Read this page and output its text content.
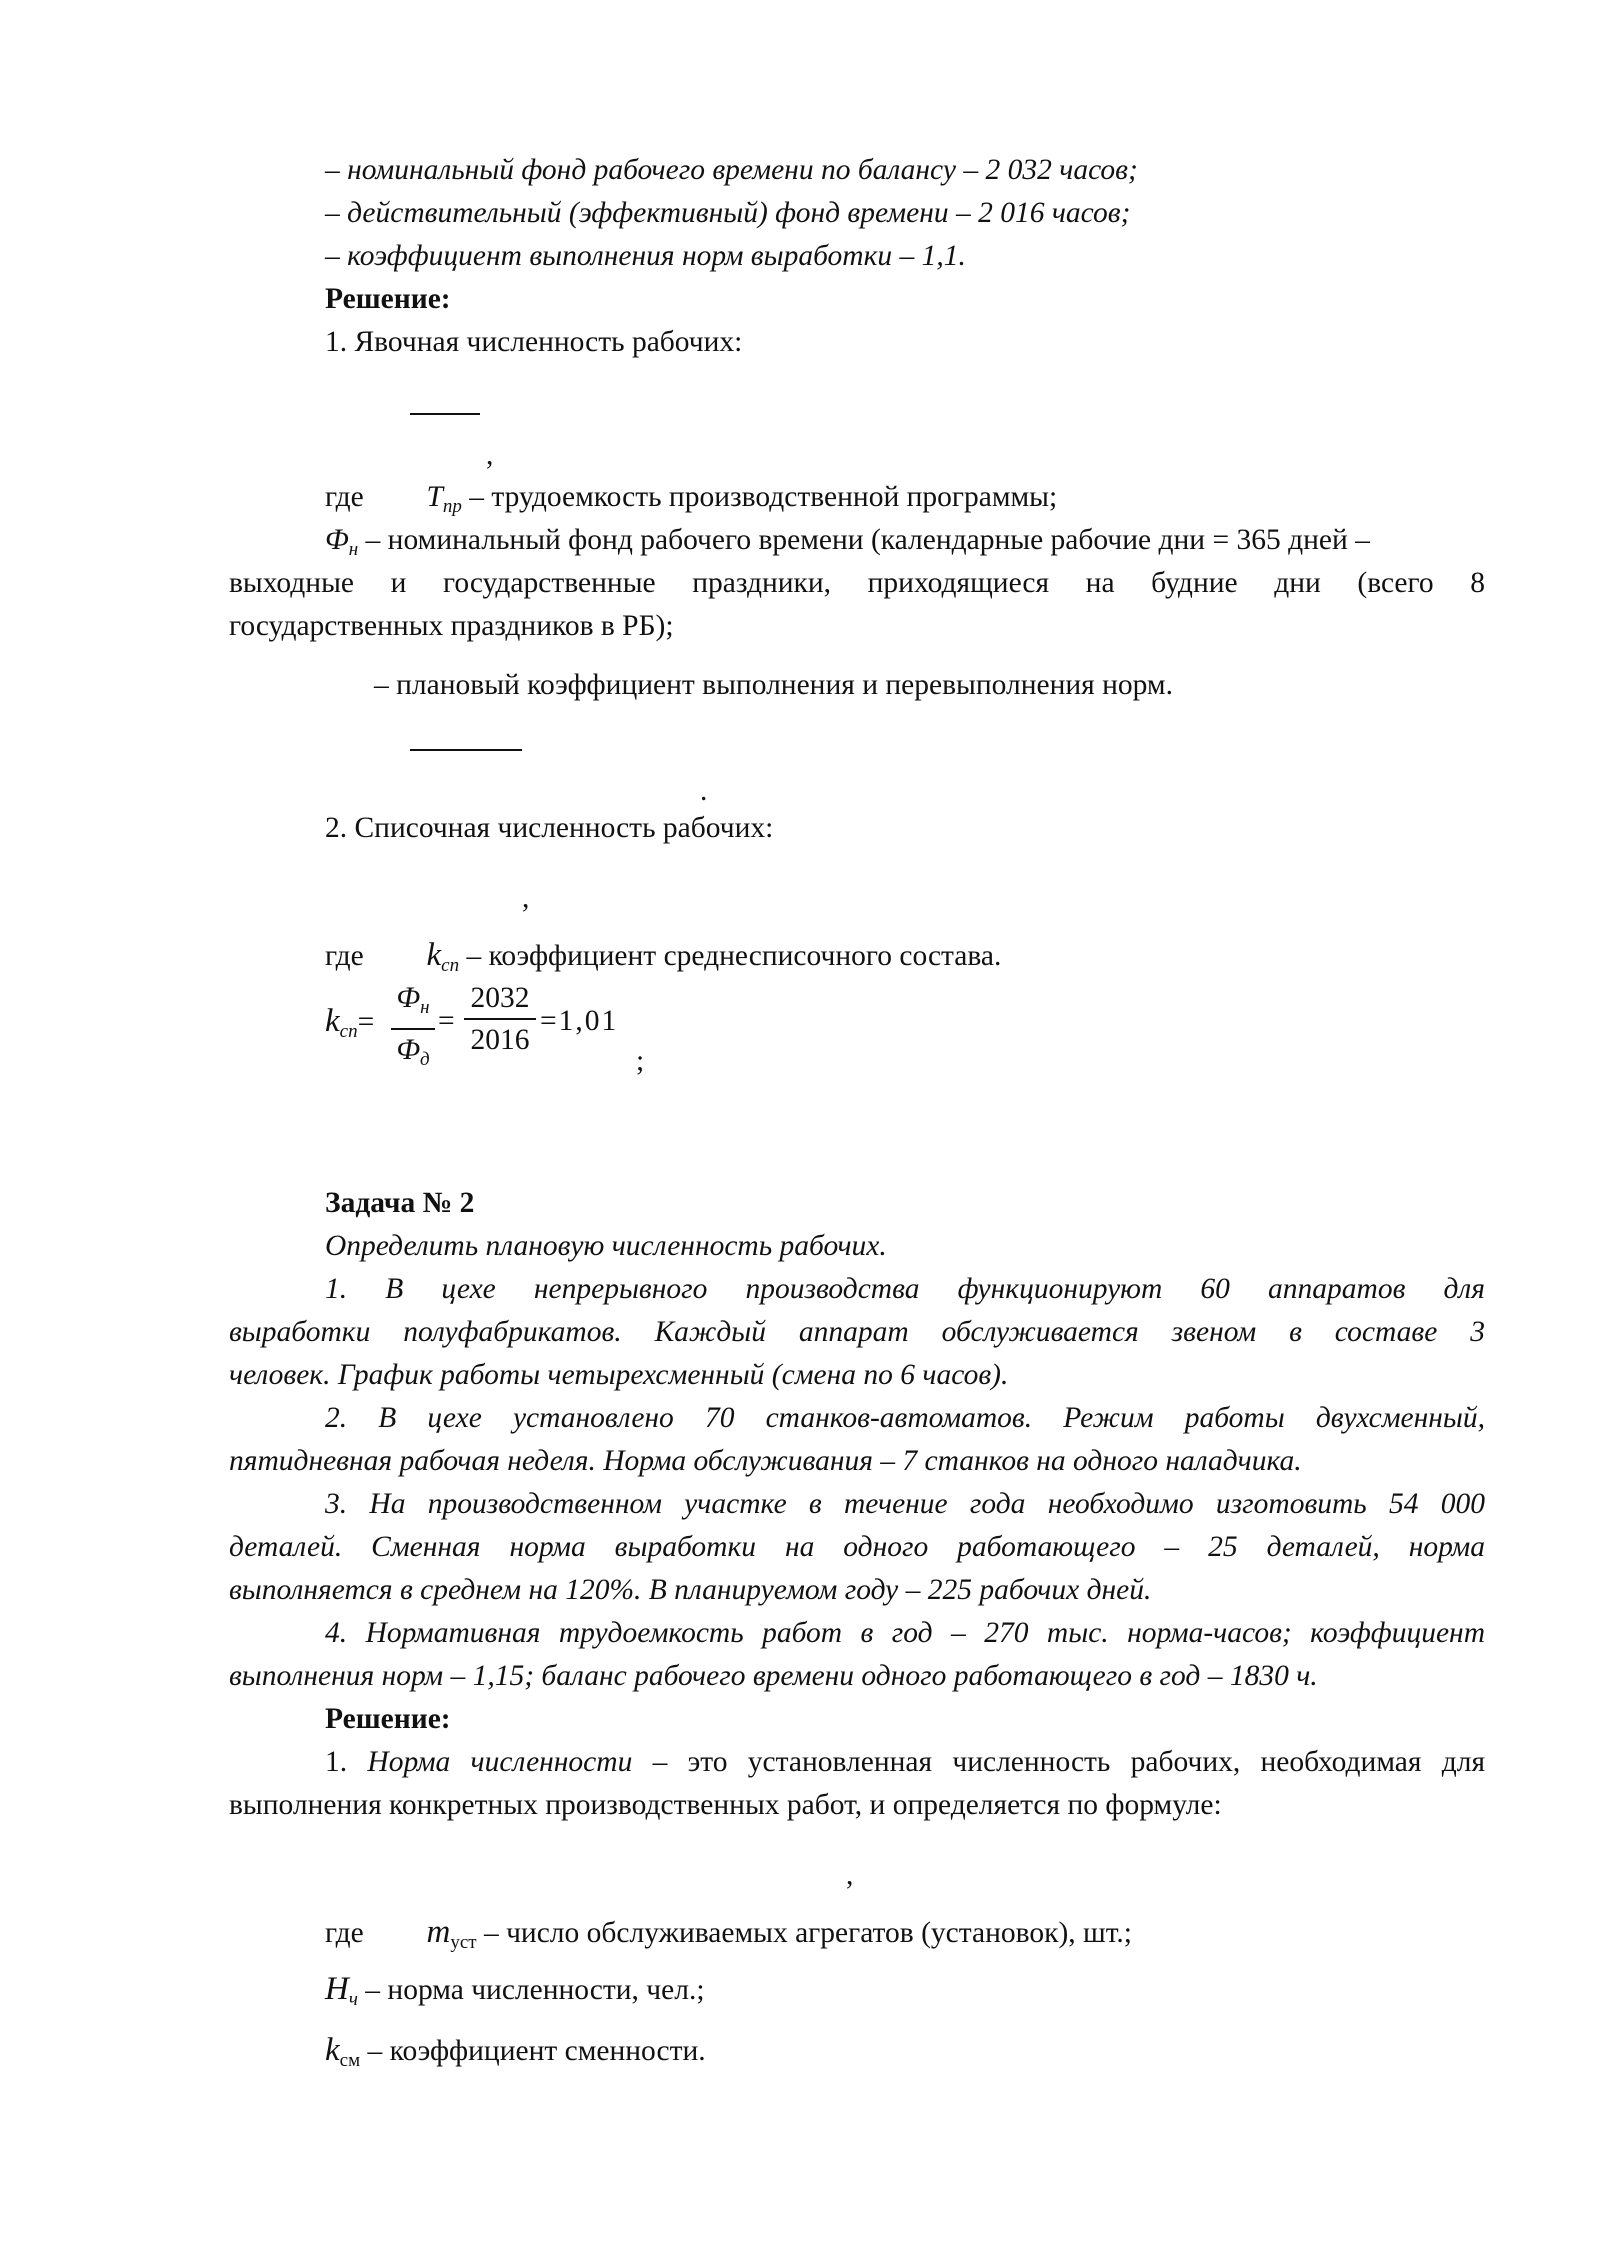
– номинальный фонд рабочего времени по балансу – 2 032 часов;
– действительный (эффективный) фонд времени – 2 016 часов;
– коэффициент выполнения норм выработки – 1,1.
Решение:
1. Явочная численность рабочих:
,
где $T_{пр}$ – трудоемкость производственной программы;
$Ф_н$ – номинальный фонд рабочего времени (календарные рабочие дни = 365 дней –
выходные и государственные праздники, приходящиеся на будние дни (всего 8
государственных праздников в РБ);
– плановый коэффициент выполнения и перевыполнения норм.
.
2. Списочная численность рабочих:
,
где $k_{сп}$ – коэффициент среднесписочного состава.
$k_{сп}=$
$Ф_н$
$Ф_д$
=
2032
2016
=1,01
;
Задача № 2
Определить плановую численность рабочих.
1. В цехе непрерывного производства функционируют 60 аппаратов для
выработки полуфабрикатов. Каждый аппарат обслуживается звеном в составе 3
человек. График работы четырехсменный (смена по 6 часов).
2. В цехе установлено 70 станков-автоматов. Режим работы двухсменный,
пятидневная рабочая неделя. Норма обслуживания – 7 станков на одного наладчика.
3. На производственном участке в течение года необходимо изготовить 54 000
деталей. Сменная норма выработки на одного работающего – 25 деталей, норма
выполняется в среднем на 120%. В планируемом году – 225 рабочих дней.
4. Нормативная трудоемкость работ в год – 270 тыс. норма-часов; коэффициент
выполнения норм – 1,15; баланс рабочего времени одного работающего в год – 1830 ч.
Решение:
1. Норма численности – это установленная численность рабочих, необходимая для
выполнения конкретных производственных работ, и определяется по формуле:
,
где $m_{уст}$ – число обслуживаемых агрегатов (установок), шт.;
$H_ч$ – норма численности, чел.;
$k_{см}$ – коэффициент сменности.
